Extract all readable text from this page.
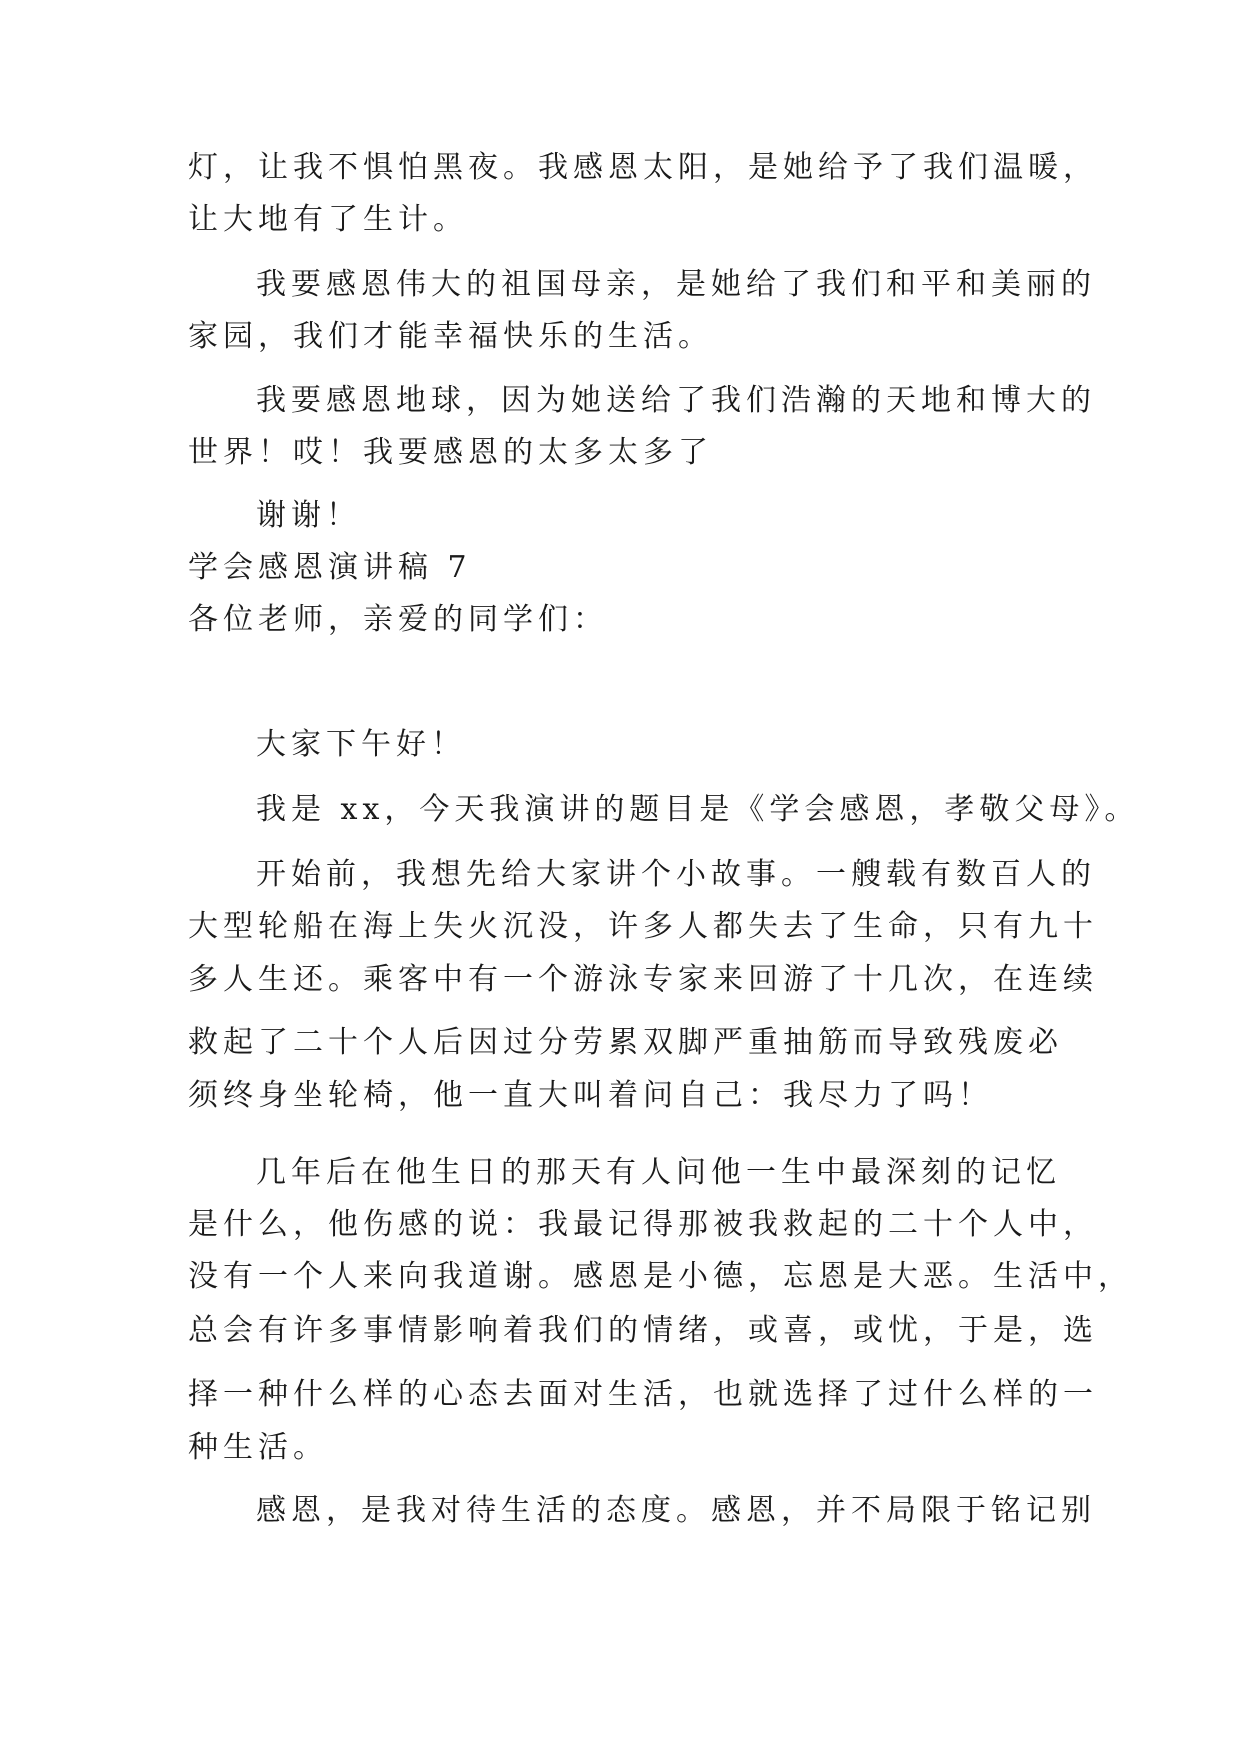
灯，让我不惧怕黑夜。我感恩太阳，是她给予了我们温暖，
让大地有了生计。
我要感恩伟大的祖国母亲，是她给了我们和平和美丽的
家园，我们才能幸福快乐的生活。
我要感恩地球，因为她送给了我们浩瀚的天地和博大的
世界！哎！我要感恩的太多太多了
谢谢！
学会感恩演讲稿 7
各位老师，亲爱的同学们：
大家下午好！
我是 xx，今天我演讲的题目是《学会感恩，孝敬父母》。
开始前，我想先给大家讲个小故事。一艘载有数百人的
大型轮船在海上失火沉没，许多人都失去了生命，只有九十
多人生还。乘客中有一个游泳专家来回游了十几次，在连续
救起了二十个人后因过分劳累双脚严重抽筋而导致残废必
须终身坐轮椅，他一直大叫着问自己：我尽力了吗！
几年后在他生日的那天有人问他一生中最深刻的记忆
是什么，他伤感的说：我最记得那被我救起的二十个人中，
没有一个人来向我道谢。感恩是小德，忘恩是大恶。生活中，
总会有许多事情影响着我们的情绪，或喜，或忧，于是，选
择一种什么样的心态去面对生活，也就选择了过什么样的一
种生活。
感恩，是我对待生活的态度。感恩，并不局限于铭记别
